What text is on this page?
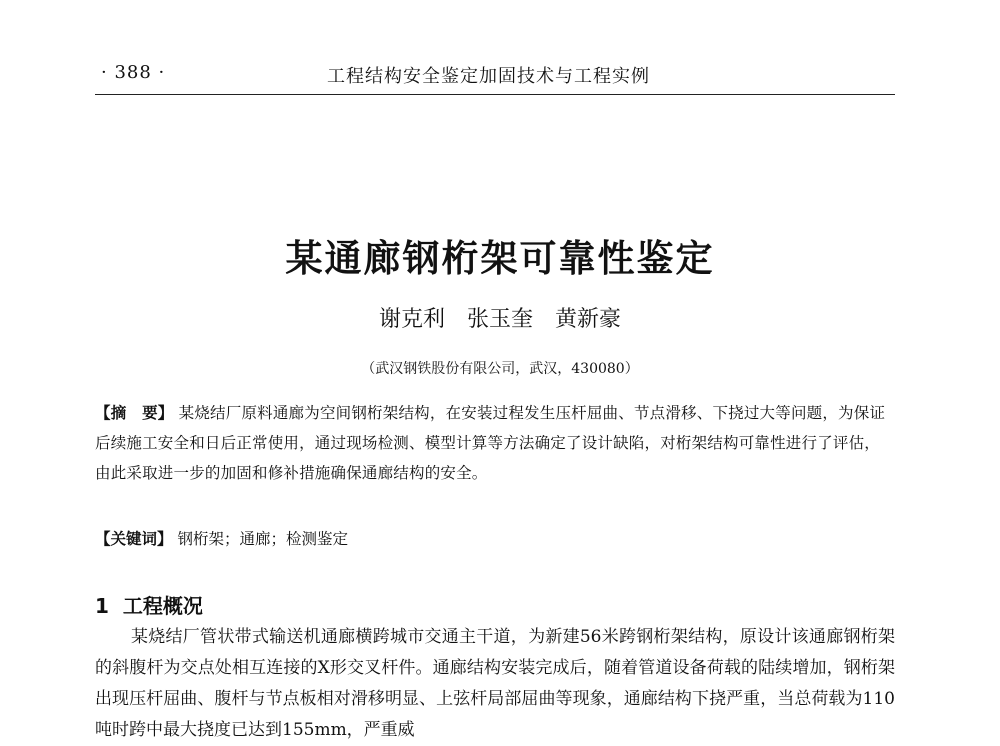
· 388 ·	工程结构安全鉴定加固技术与工程实例
某通廊钢桁架可靠性鉴定
谢克利　张玉奎　黄新豪
（武汉钢铁股份有限公司，武汉，430080）
【摘　要】 某烧结厂原料通廊为空间钢桁架结构，在安装过程发生压杆屈曲、节点滑移、下挠过大等问题，为保证后续施工安全和日后正常使用，通过现场检测、模型计算等方法确定了设计缺陷，对桁架结构可靠性进行了评估，由此采取进一步的加固和修补措施确保通廊结构的安全。
【关键词】 钢桁架；通廊；检测鉴定
1 工程概况
某烧结厂管状带式输送机通廊横跨城市交通主干道，为新建56米跨钢桁架结构，原设计该通廊钢桁架的斜腹杆为交点处相互连接的X形交叉杆件。通廊结构安装完成后，随着管道设备荷载的陆续增加，钢桁架出现压杆屈曲、腹杆与节点板相对滑移明显、上弦杆局部屈曲等现象，通廊结构下挠严重，当总荷载为110吨时跨中最大挠度已达到155mm，严重威
